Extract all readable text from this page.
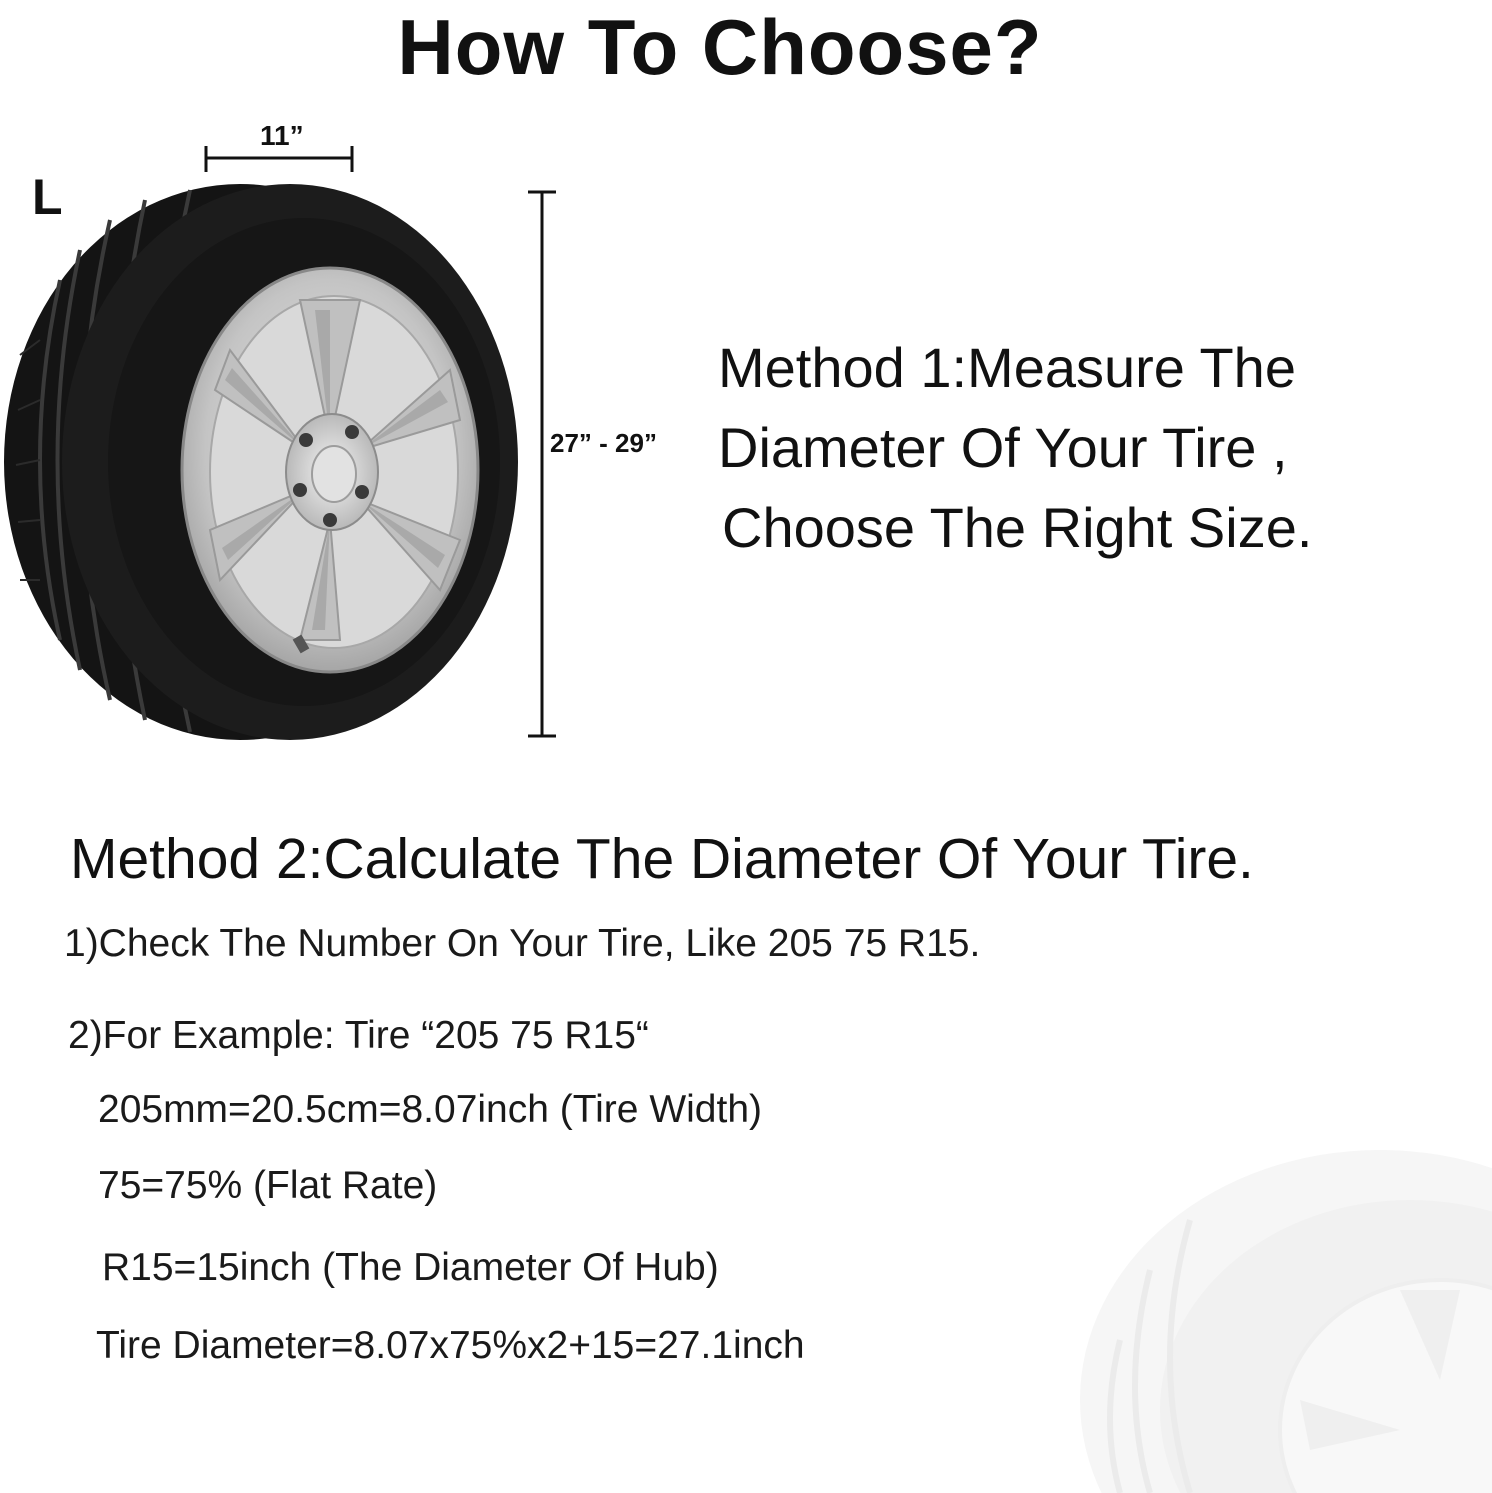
How To Choose?
L
11”
27” - 29”
Method 1:Measure The
Diameter Of Your Tire ,
Choose The Right Size.
Method 2:Calculate The Diameter Of Your Tire.
1)Check The Number On Your Tire, Like 205 75 R15.
2)For Example: Tire “205 75 R15“
205mm=20.5cm=8.07inch (Tire Width)
75=75% (Flat Rate)
R15=15inch (The Diameter Of Hub)
Tire Diameter=8.07x75%x2+15=27.1inch
